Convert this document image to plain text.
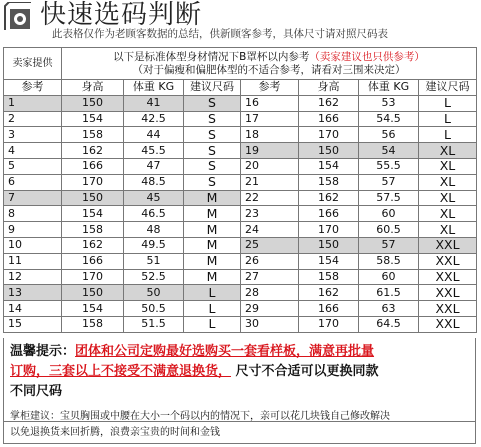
快速选码判断
此表格仅作为老顾客数据的总结，供新顾客参考，具体尺寸请对照尺码表
卖家提供	以下是标准体型身材情况下B罩杯以内参考（卖家建议也只供参考）
（对于偏瘦和偏肥体型的不适合参考，请看对三围来决定）						

参考	身高	体重 KG	建议尺码	参考	身高	体重 KG	建议尺码
1	150	41	S	16	162	53	L
2	154	42.5	S	17	166	54.5	L
3	158	44	S	18	170	56	L
4	162	45.5	S	19	150	54	XL
5	166	47	S	20	154	55.5	XL
6	170	48.5	S	21	158	57	XL
7	150	45	M	22	162	57.5	XL
8	154	46.5	M	23	166	60	XL
9	158	48	M	24	170	60.5	XL
10	162	49.5	M	25	150	57	XXL
11	166	51	M	26	154	58.5	XXL
12	170	52.5	M	27	158	60	XXL
13	150	50	L	28	162	61.5	XXL
14	154	50.5	L	29	166	63	XXL
15	158	51.5	L	30	170	64.5	XXL
温馨提示：团体和公司定购最好选购买一套看样板，满意再批量
订购，三套以上不接受不满意退换货， 尺寸不合适可以更换同款
不同尺码
掌柜建议：宝贝胸围或中腰在大小一个码以内的情况下，亲可以花几块钱自己修改解决
以免退换货来回折腾，浪费亲宝贵的时间和金钱
